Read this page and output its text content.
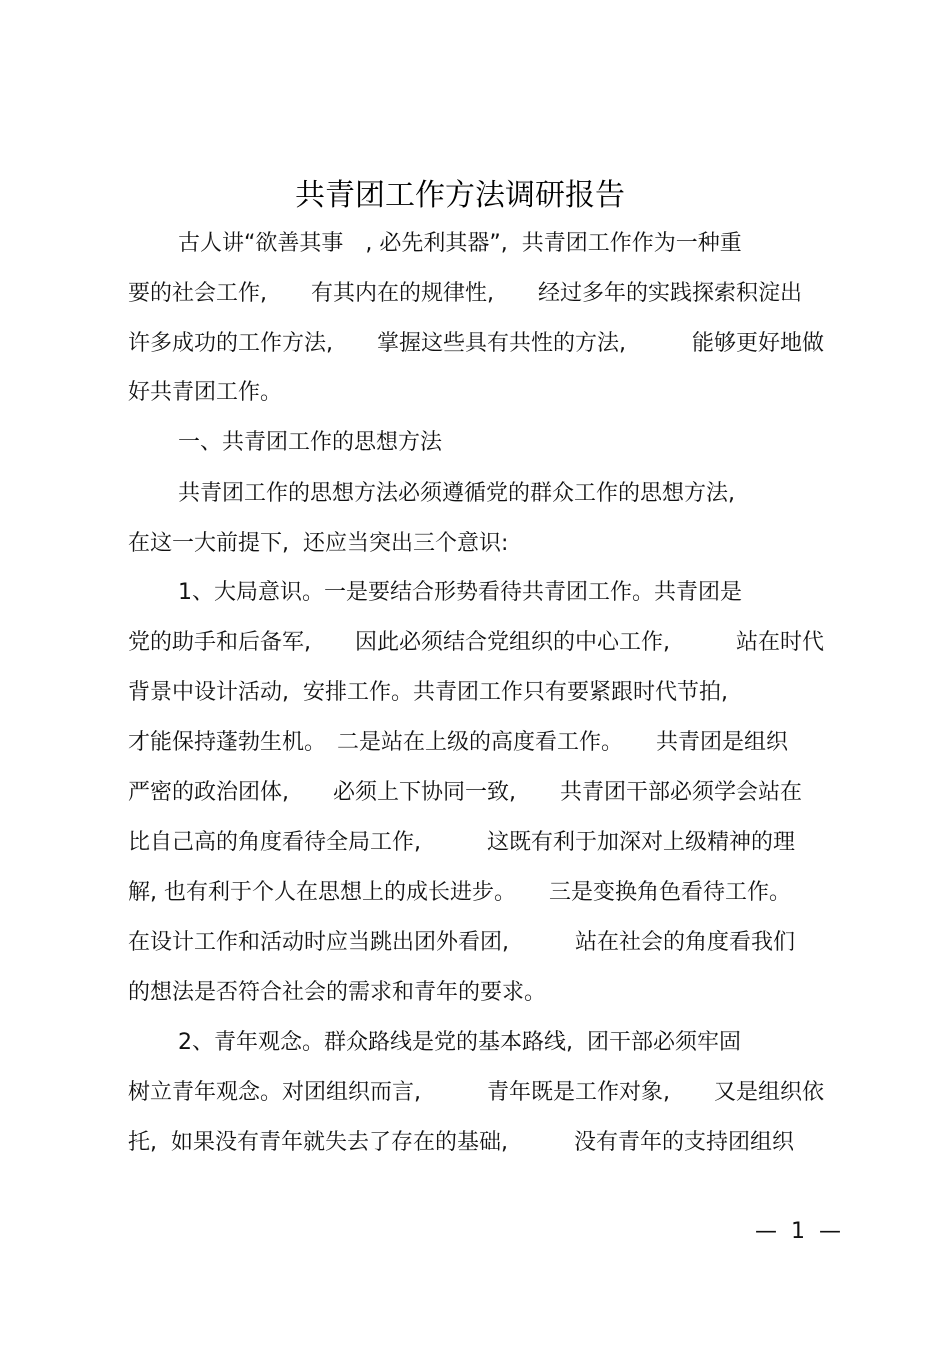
共青团工作方法调研报告
古人讲“欲善其事　, 必先利其器”,  共青团工作作为一种重
要的社会工作,　　有其内在的规律性,　　经过多年的实践探索积淀出
许多成功的工作方法,　　掌握这些具有共性的方法,　　　能够更好地做
好共青团工作。
一、共青团工作的思想方法
共青团工作的思想方法必须遵循党的群众工作的思想方法,
在这一大前提下,  还应当突出三个意识:
1、大局意识。一是要结合形势看待共青团工作。共青团是
党的助手和后备军,　　因此必须结合党组织的中心工作,　　　站在时代
背景中设计活动,  安排工作。共青团工作只有要紧跟时代节拍,
才能保持蓬勃生机。　二是站在上级的高度看工作。　　共青团是组织
严密的政治团体,　　必须上下协同一致,　　共青团干部必须学会站在
比自己高的角度看待全局工作,　　　这既有利于加深对上级精神的理
解, 也有利于个人在思想上的成长进步。　　三是变换角色看待工作。
在设计工作和活动时应当跳出团外看团,　　　站在社会的角度看我们
的想法是否符合社会的需求和青年的要求。
2、青年观念。群众路线是党的基本路线,  团干部必须牢固
树立青年观念。对团组织而言,　　　青年既是工作对象,　　又是组织依
托,  如果没有青年就失去了存在的基础,　　　没有青年的支持团组织
—  1  —
